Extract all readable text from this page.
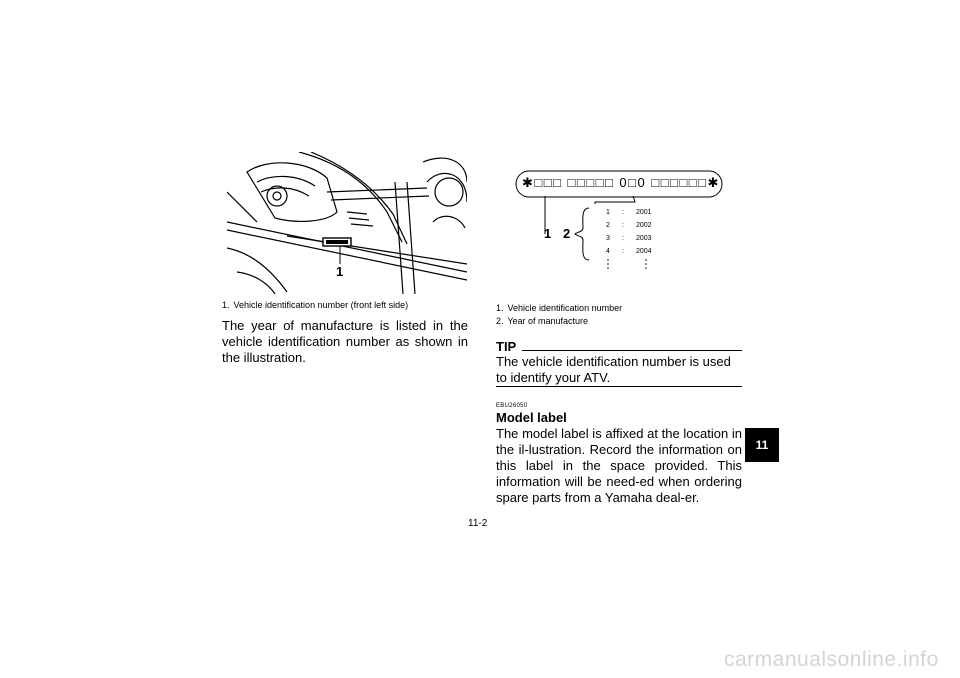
1
1. Vehicle identification number (front left side)
The year of manufacture is listed in the vehicle identification number as shown in the illustration.
✱□□□ □□□□□ 0□0 □□□□□□✱
1 2
1 : 2001
2 : 2002
3 : 2003
4 : 2004
1. Vehicle identification number
2. Year of manufacture
TIP
The vehicle identification number is used to identify your ATV.
EBU26050
Model label
The model label is affixed at the location in the il-lustration. Record the information on this label in the space provided. This information will be need-ed when ordering spare parts from a Yamaha deal-er.
11
11-2
carmanualsonline.info
